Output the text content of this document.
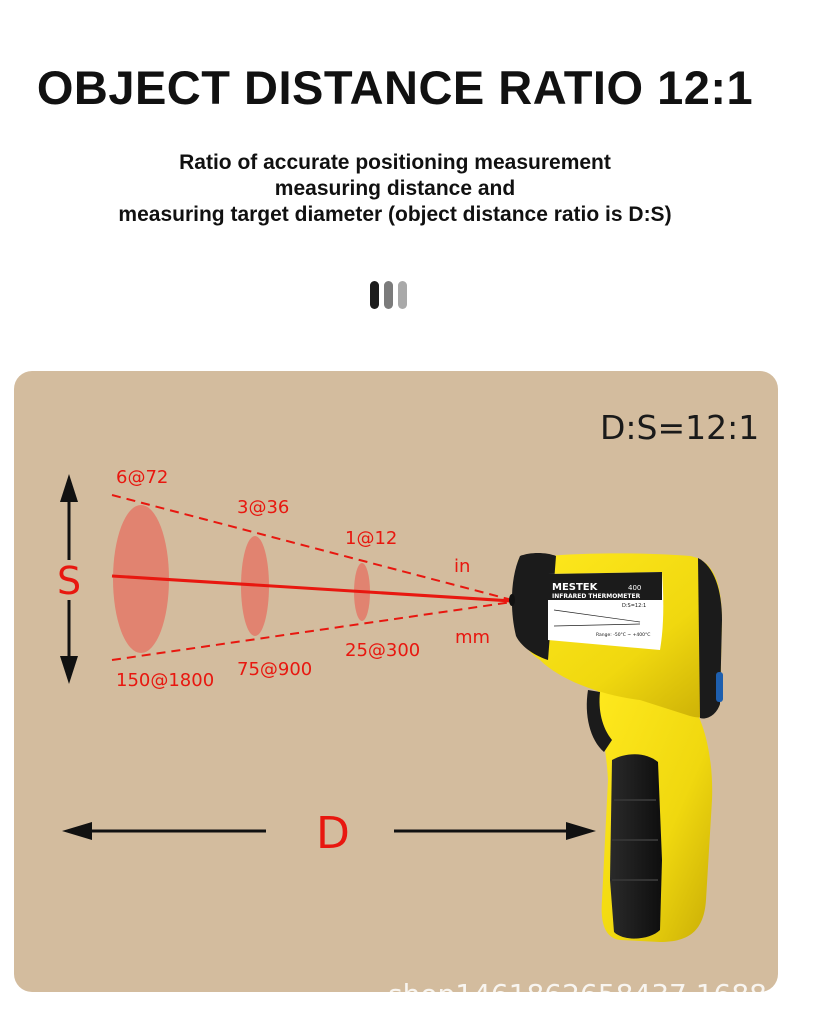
OBJECT DISTANCE RATIO 12:1
Ratio of accurate positioning measurement
measuring distance and
measuring target diameter (object distance ratio is D:S)
S
D
6@72
3@36
1@12
150@1800
75@900
25@300
in
mm
MESTEK	400
INFRARED THERMOMETER
D:S=12:1
Range: -50°C ~ +400°C
D:S=12:1
shop1461862658437.1688.com
